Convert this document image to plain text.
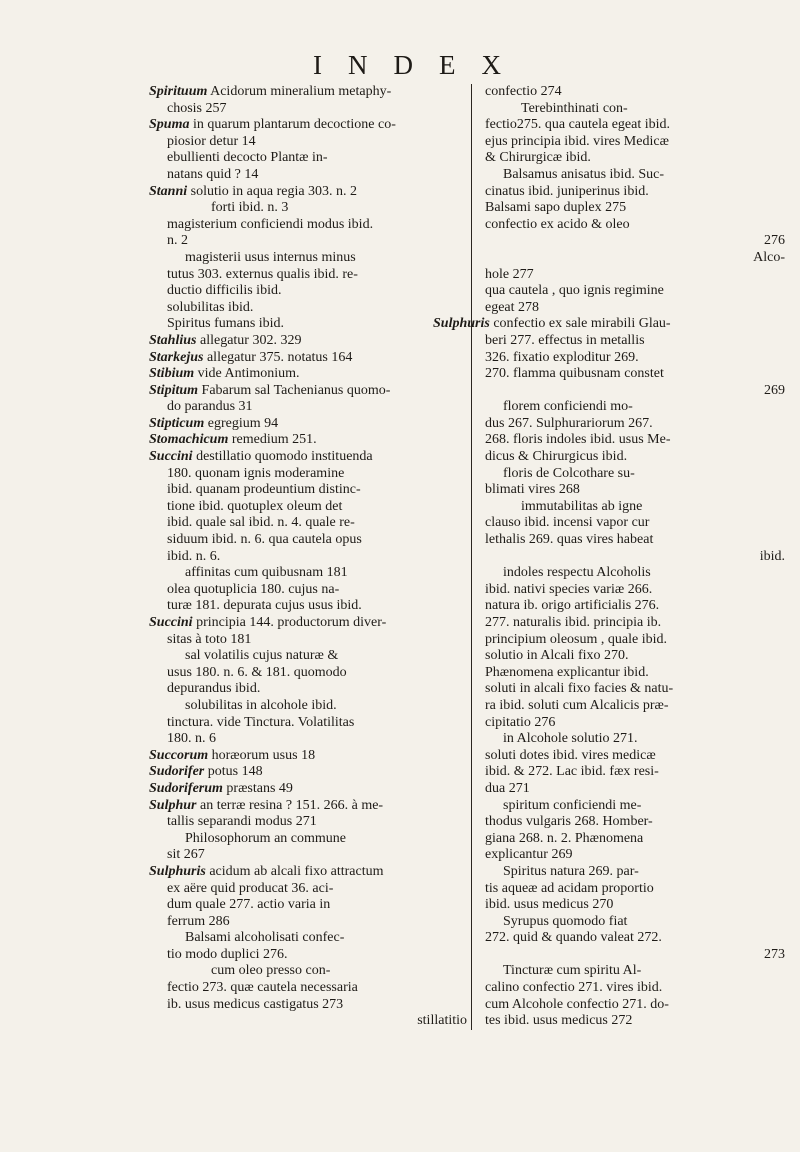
INDEX
Spirituum Acidorum mineralium metaphy-
chosis 257
Spuma in quarum plantarum decoctione co-
piosior detur 14
ebullienti decocto Plantæ in-
natans quid ? 14
Stanni solutio in aqua regia 303. n. 2
forti ibid. n. 3
magisterium conficiendi modus ibid.
n. 2
magisterii usus internus minus
tutus 303. externus qualis ibid. re-
ductio difficilis ibid.
solubilitas ibid.
Spiritus fumans ibid.
Stahlius allegatur 302. 329
Starkejus allegatur 375. notatus 164
Stibium vide Antimonium.
Stipitum Fabarum sal Tachenianus quomo-
do parandus 31
Stipticum egregium 94
Stomachicum remedium 251.
Succini destillatio quomodo instituenda
180. quonam ignis moderamine
ibid. quanam prodeuntium distinc-
tione ibid. quotuplex oleum det
ibid. quale sal ibid. n. 4. quale re-
siduum ibid. n. 6. qua cautela opus
ibid. n. 6.
affinitas cum quibusnam 181
olea quotuplicia 180. cujus na-
turæ 181. depurata cujus usus ibid.
Succini principia 144. productorum diver-
sitas à toto 181
sal volatilis cujus naturæ &
usus 180. n. 6. & 181. quomodo
depurandus ibid.
solubilitas in alcohole ibid.
tinctura. vide Tinctura. Volatilitas
180. n. 6
Succorum horæorum usus 18
Sudorifer potus 148
Sudoriferum præstans 49
Sulphur an terræ resina ? 151. 266. à me-
tallis separandi modus 271
Philosophorum an commune
sit 267
Sulphuris acidum ab alcali fixo attractum
ex aëre quid producat 36. aci-
dum quale 277. actio varia in
ferrum 286
Balsami alcoholisati confec-
tio modo duplici 276.
cum oleo presso con-
fectio 273. quæ cautela necessaria
ib. usus medicus castigatus 273
stillatitio
confectio 274
Terebinthinati con-
fectio275. qua cautela egeat ibid.
ejus principia ibid. vires Medicæ
& Chirurgicæ ibid.
Balsamus anisatus ibid. Suc-
cinatus ibid. juniperinus ibid.
Balsami sapo duplex 275
confectio ex acido & oleo
276
Alco-
hole 277
qua cautela , quo ignis regimine
egeat 278
Sulphuris confectio ex sale mirabili Glau-
beri 277. effectus in metallis
326. fixatio exploditur 269.
270. flamma quibusnam constet
269
florem conficiendi mo-
dus 267. Sulphurariorum 267.
268. floris indoles ibid. usus Me-
dicus & Chirurgicus ibid.
floris de Colcothare su-
blimati vires 268
immutabilitas ab igne
clauso ibid. incensi vapor cur
lethalis 269. quas vires habeat
ibid.
indoles respectu Alcoholis
ibid. nativi species variæ 266.
natura ib. origo artificialis 276.
277. naturalis ibid. principia ib.
principium oleosum , quale ibid.
solutio in Alcali fixo 270.
Phænomena explicantur ibid.
soluti in alcali fixo facies & natu-
ra ibid. soluti cum Alcalicis præ-
cipitatio 276
in Alcohole solutio 271.
soluti dotes ibid. vires medicæ
ibid. & 272. Lac ibid. fæx resi-
dua 271
spiritum conficiendi me-
thodus vulgaris 268. Homber-
giana 268. n. 2. Phænomena
explicantur 269
Spiritus natura 269. par-
tis aqueæ ad acidam proportio
ibid. usus medicus 270
Syrupus quomodo fiat
272. quid & quando valeat 272.
273
Tincturæ cum spiritu Al-
calino confectio 271. vires ibid.
cum Alcohole confectio 271. do-
tes ibid. usus medicus 272
